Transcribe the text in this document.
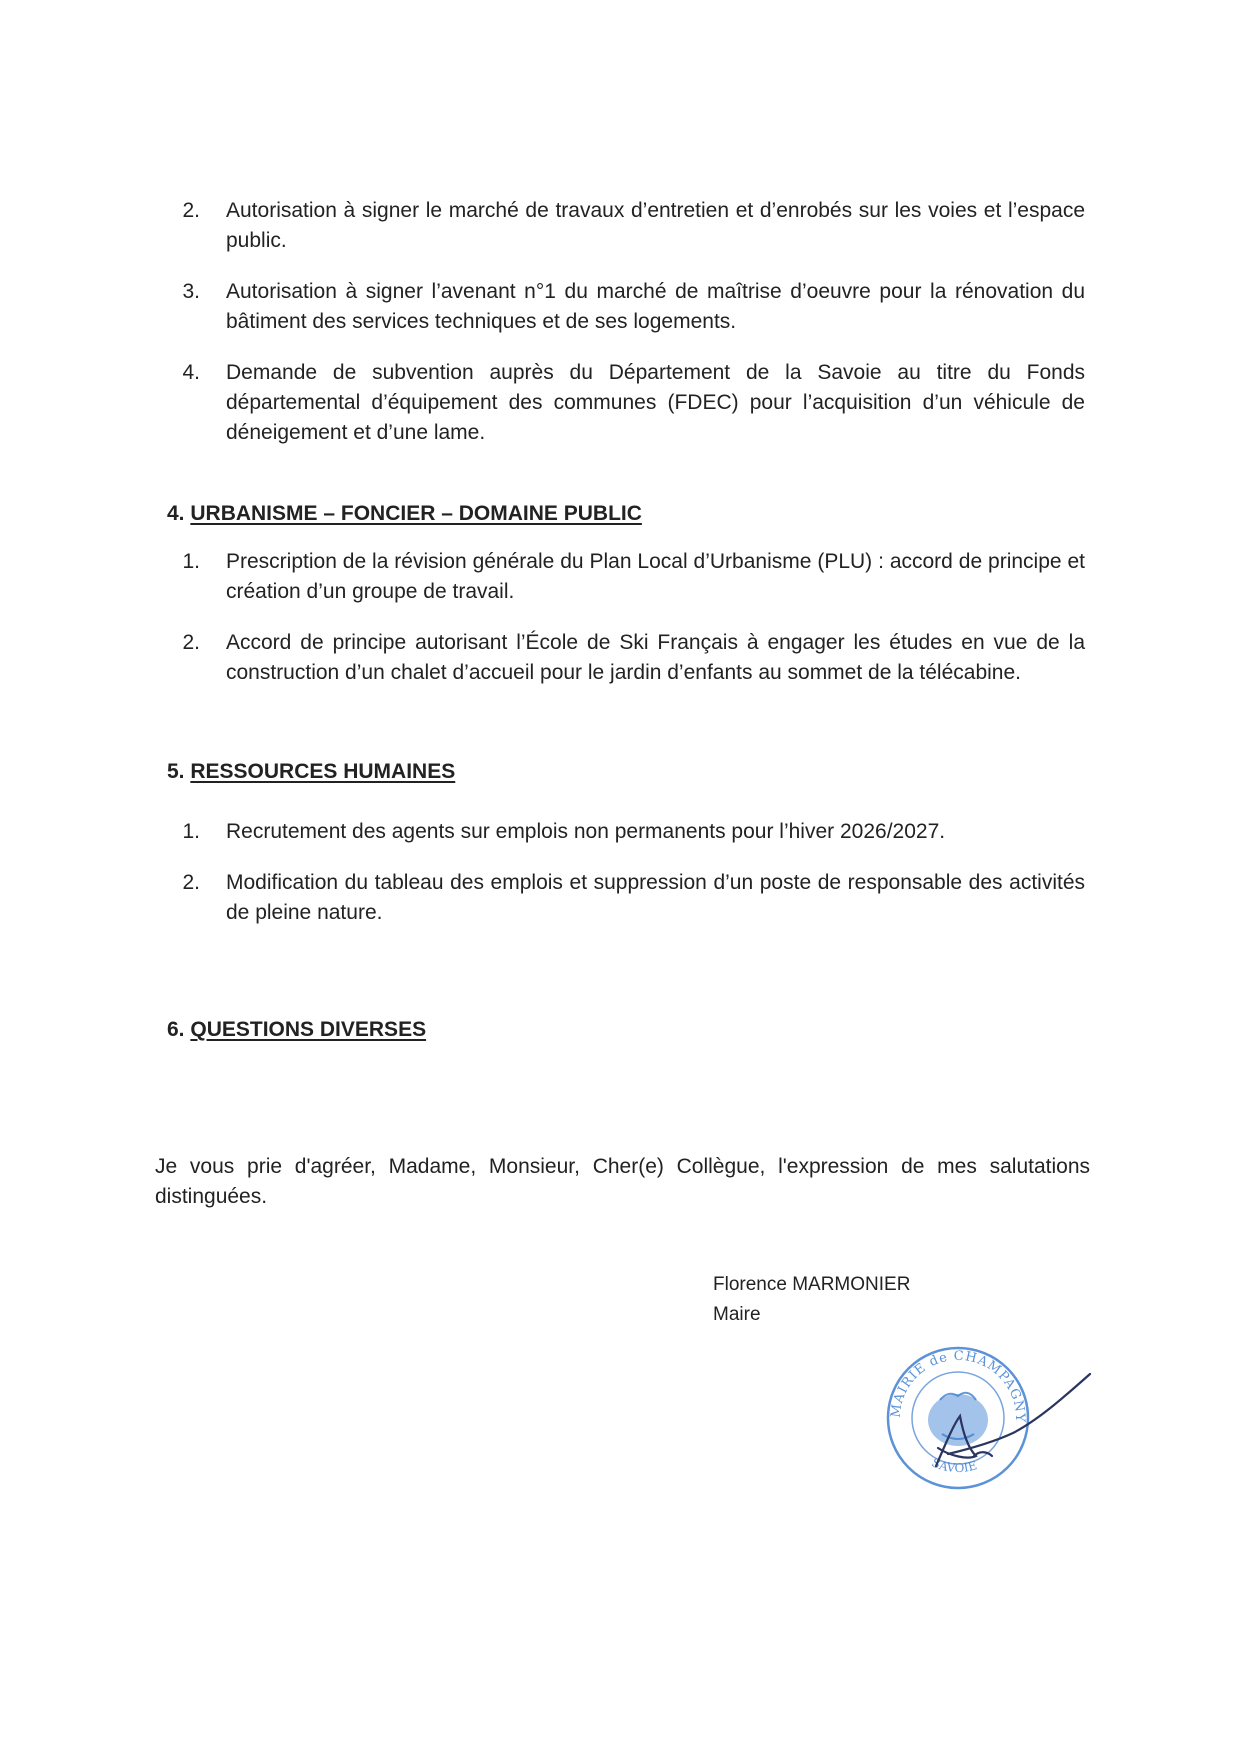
2. Autorisation à signer le marché de travaux d’entretien et d’enrobés sur les voies et l’espace public.
3. Autorisation à signer l’avenant n°1 du marché de maîtrise d’oeuvre pour la rénovation du bâtiment des services techniques et de ses logements.
4. Demande de subvention auprès du Département de la Savoie au titre du Fonds départemental d’équipement des communes (FDEC) pour l’acquisition d’un véhicule de déneigement et d’une lame.
4. URBANISME – FONCIER – DOMAINE PUBLIC
1. Prescription de la révision générale du Plan Local d’Urbanisme (PLU) : accord de principe et création d’un groupe de travail.
2. Accord de principe autorisant l’École de Ski Français à engager les études en vue de la construction d’un chalet d’accueil pour le jardin d’enfants au sommet de la télécabine.
5. RESSOURCES HUMAINES
1. Recrutement des agents sur emplois non permanents pour l’hiver 2026/2027.
2. Modification du tableau des emplois et suppression d’un poste de responsable des activités de pleine nature.
6. QUESTIONS DIVERSES
Je vous prie d'agréer, Madame, Monsieur, Cher(e) Collègue, l'expression de mes salutations distinguées.
Florence MARMONIER
Maire
MAIRIE de CHAMPAGNY
SAVOIE
